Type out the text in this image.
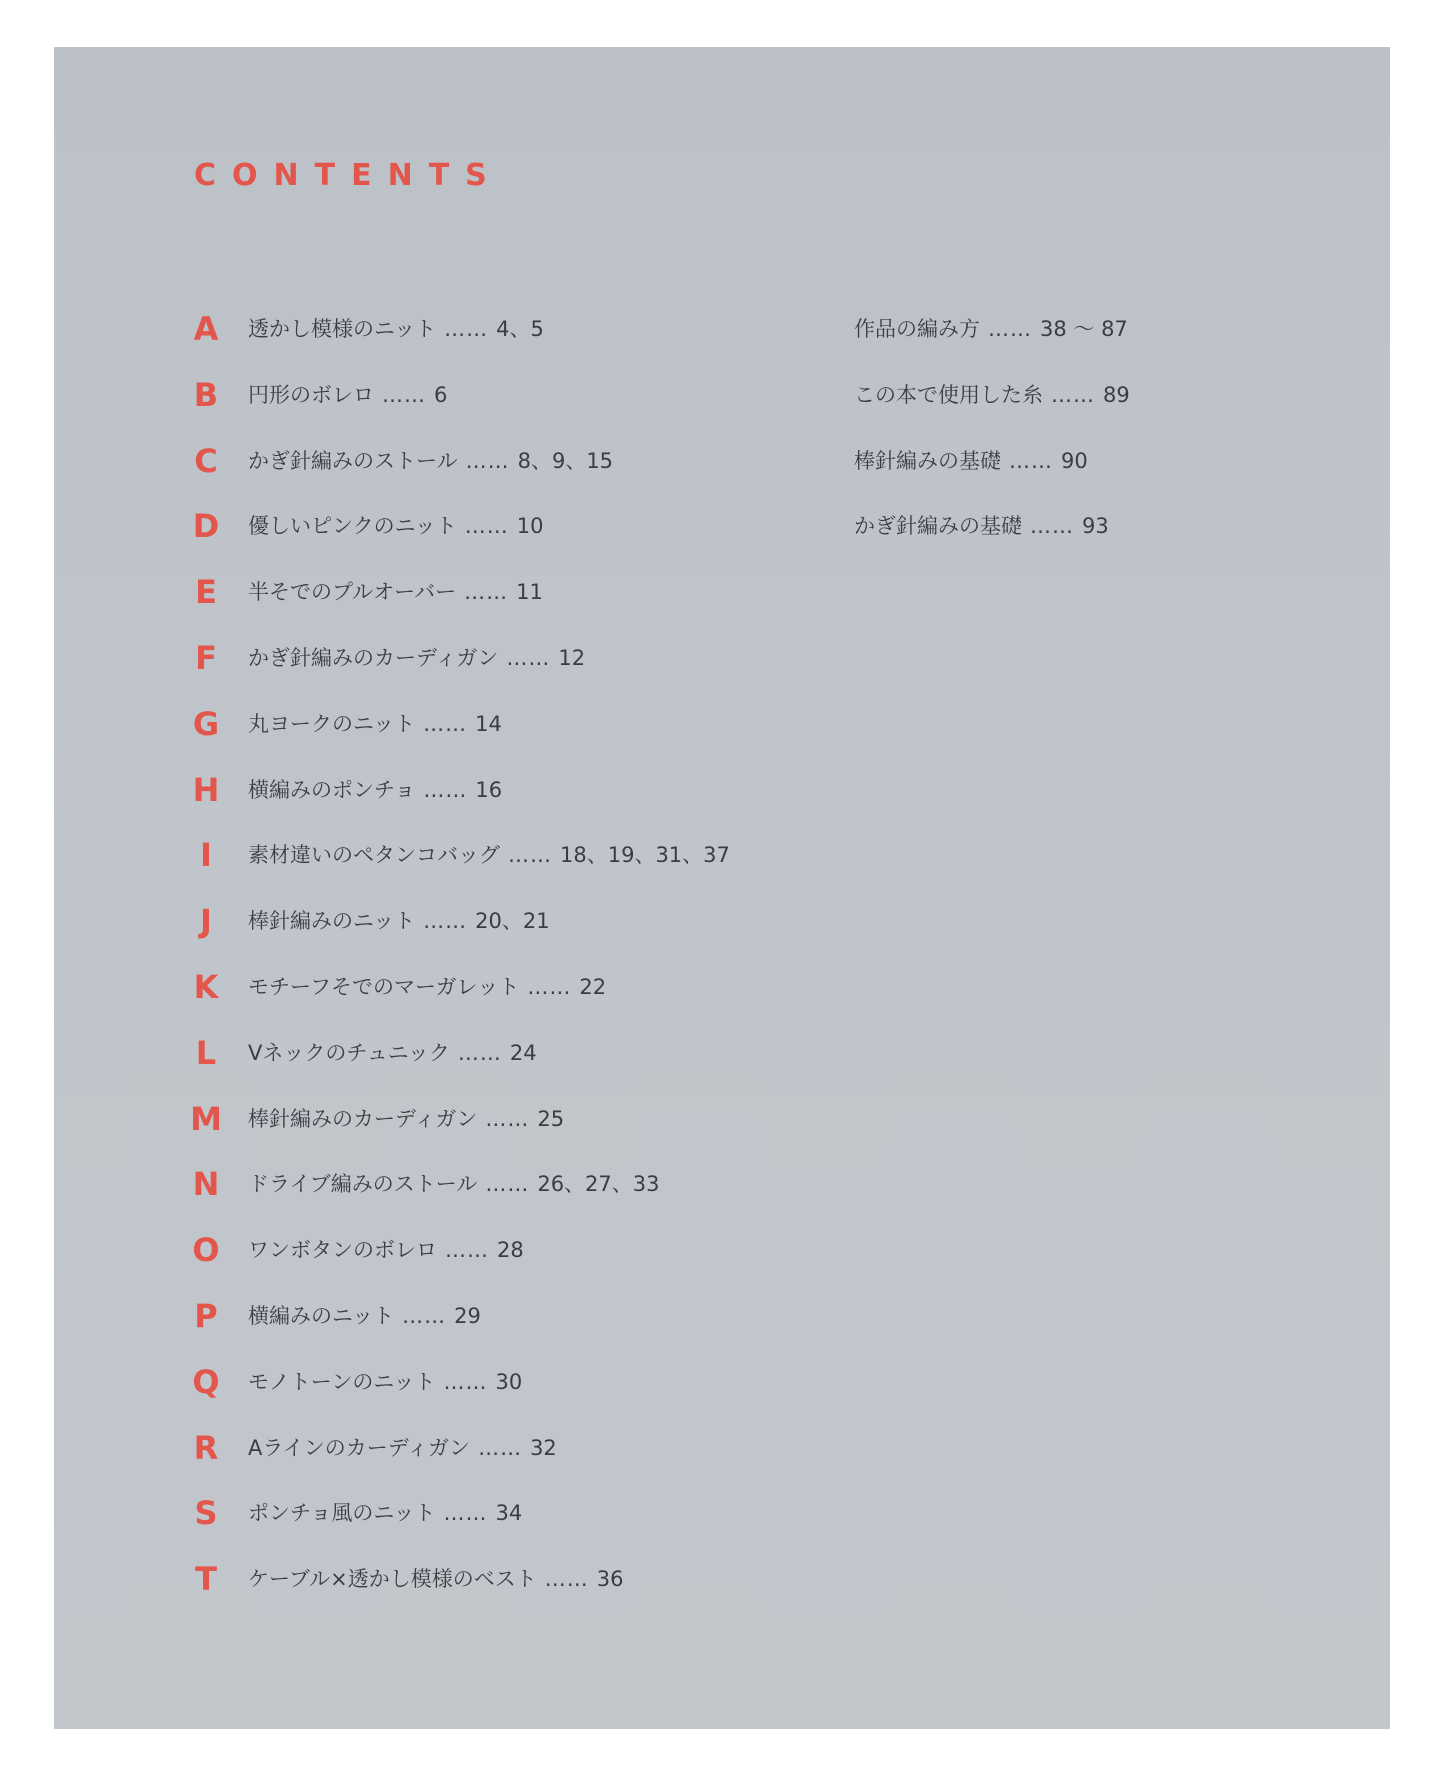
CONTENTS
A	透かし模様のニット …… 4、5
B	円形のボレロ …… 6
C	かぎ針編みのストール …… 8、9、15
D	優しいピンクのニット …… 10
E	半そでのプルオーバー …… 11
F	かぎ針編みのカーディガン …… 12
G	丸ヨークのニット …… 14
H	横編みのポンチョ …… 16
I	素材違いのペタンコバッグ …… 18、19、31、37
J	棒針編みのニット …… 20、21
K	モチーフそでのマーガレット …… 22
L	Vネックのチュニック …… 24
M 棒針編みのカーディガン …… 25
N	ドライブ編みのストール …… 26、27、33
O	ワンボタンのボレロ …… 28
P	横編みのニット …… 29
Q	モノトーンのニット …… 30
R	Aラインのカーディガン …… 32
S	ポンチョ風のニット …… 34
T	ケーブル×透かし模様のベスト …… 36
作品の編み方 …… 38 ～ 87
この本で使用した糸 …… 89
棒針編みの基礎 …… 90
かぎ針編みの基礎 …… 93
